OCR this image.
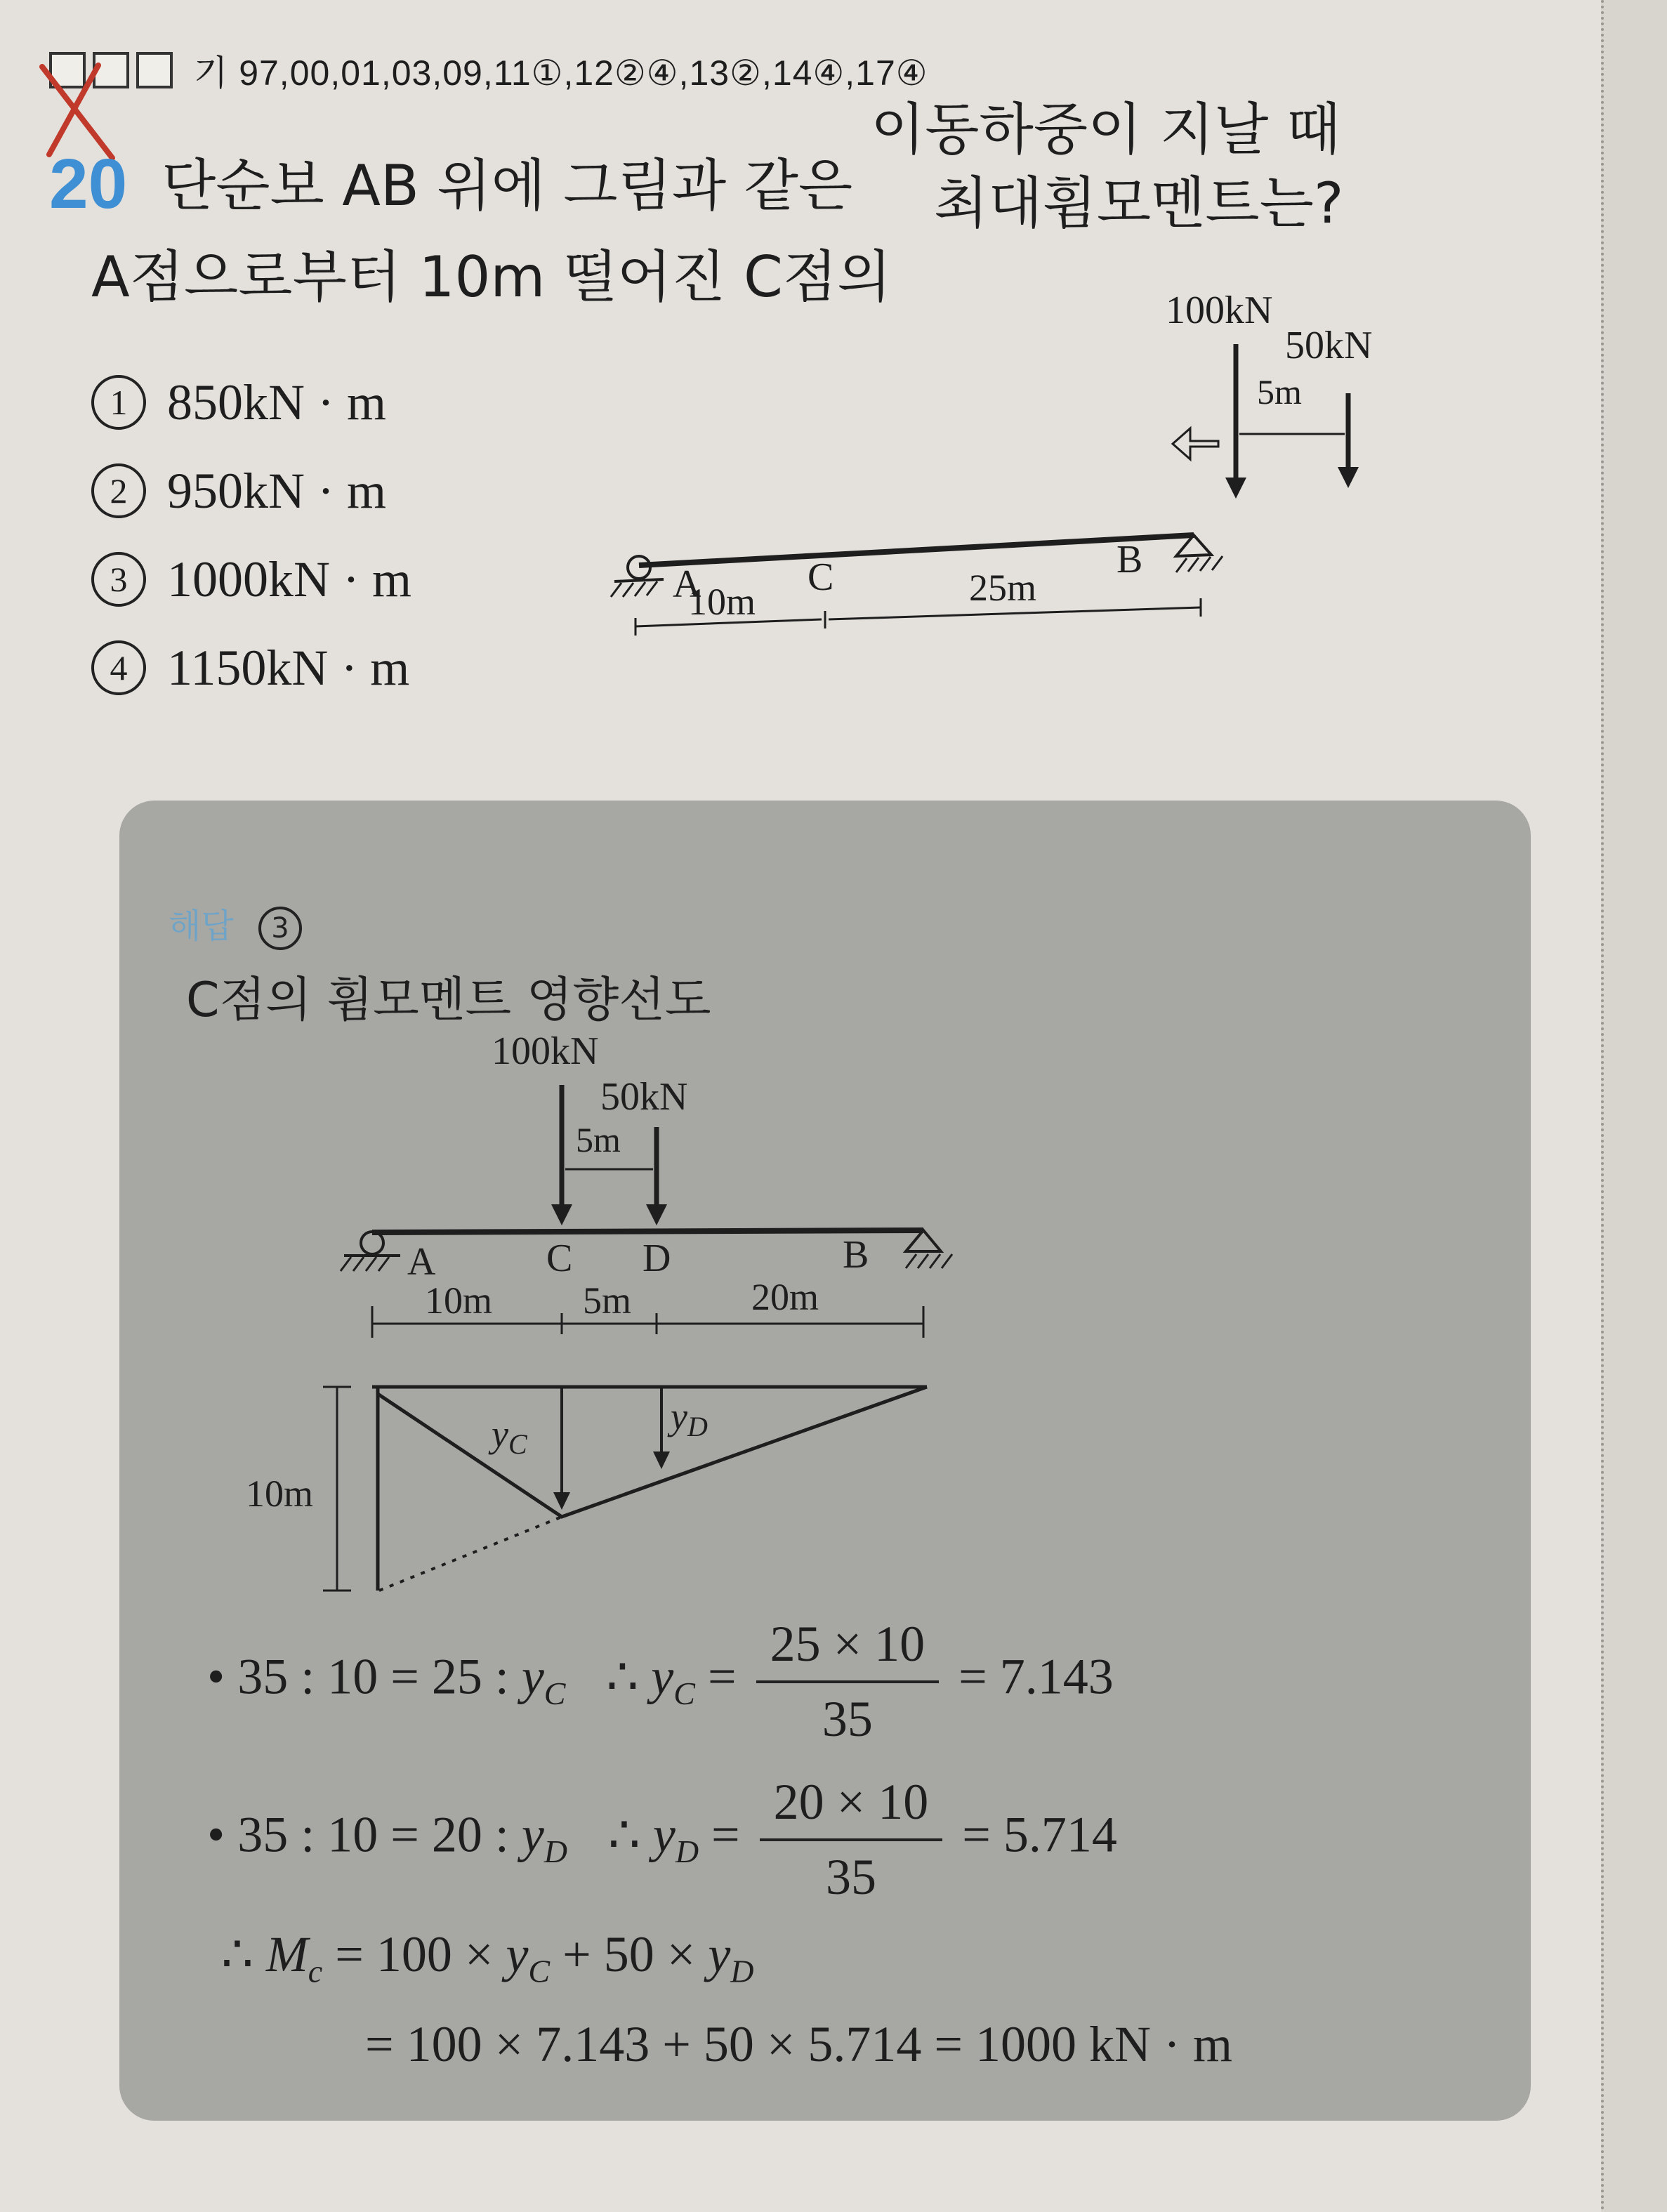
기 97,00,01,03,09,11①,12②④,13②,14④,17④
20 단순보 AB 위에 그림과 같은
이동하중이 지날 때
A점으로부터 10m 떨어진 C점의
최대휨모멘트는?
1 850kN · m
2 950kN · m
3 1000kN · m
4 1150kN · m
100kN
50kN
5m
A	C	B
10m	25m
해답 3
C점의 휨모멘트 영향선도
100kN
50kN
5m
A	C D	B
10m 5m	20m
yC
yD
10m
• 35 : 10 = 25 : $y_C$ ∴ $y_C = \frac{25 \times 10}{35} = 7.143$
• 35 : 10 = 20 : $y_D$ ∴ $y_D = \frac{20 \times 10}{35} = 5.714$
∴ $M_c = 100 \times y_C + 50 \times y_D$
= 100 × 7.143 + 50 × 5.714 = 1000 kN · m
